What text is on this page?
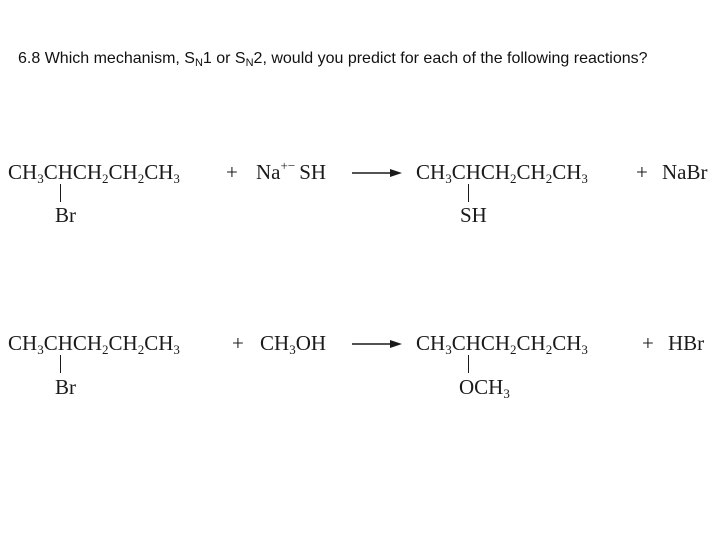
6.8 Which mechanism, $S_N1$ or $S_N2$, would you predict for each of the following reactions?
$CH_3CHCH_2CH_2CH_3$
Br
+ Na+− SH → $CH_3CHCH_2CH_2CH_3$
SH
+ NaBr
$CH_3CHCH_2CH_2CH_3$
Br
+ $CH_3OH$ → $CH_3CHCH_2CH_2CH_3$
$OCH_3$
+ HBr
